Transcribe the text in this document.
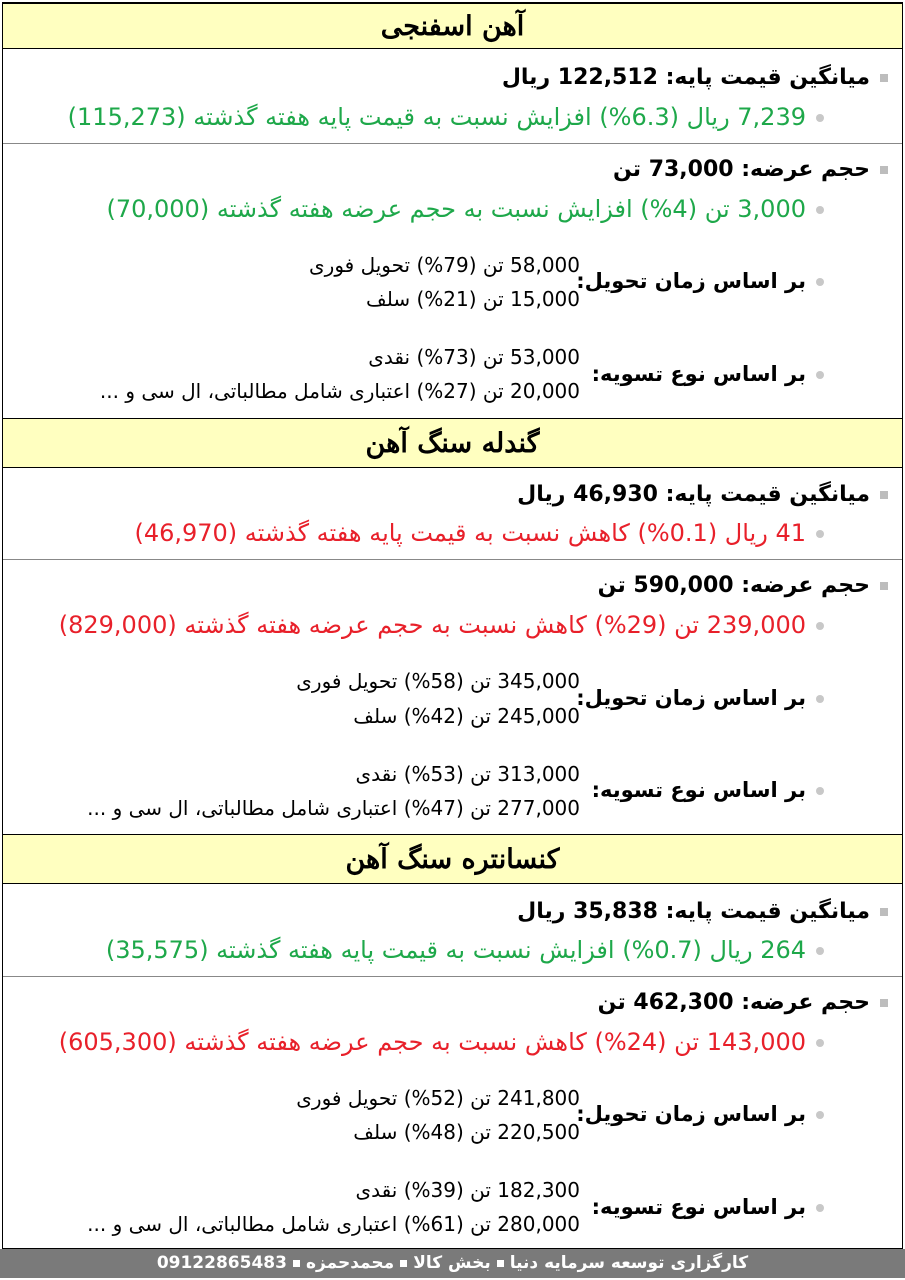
آهن اسفنجی
میانگین قیمت پایه: 122,512 ریال
7,239 ریال (6.3%) افزایش نسبت به قیمت پایه هفته گذشته (115,273)
حجم عرضه: 73,000 تن
3,000 تن (4%) افزایش نسبت به حجم عرضه هفته گذشته (70,000)
بر اساس زمان تحویل:
58,000 تن (79%) تحویل فوری
15,000 تن (21%) سلف
بر اساس نوع تسویه:
53,000 تن (73%) نقدی
20,000 تن (27%) اعتباری شامل مطالباتی، ال سی و ...
گندله سنگ آهن
میانگین قیمت پایه: 46,930 ریال
41 ریال (0.1%) کاهش نسبت به قیمت پایه هفته گذشته (46,970)
حجم عرضه: 590,000 تن
239,000 تن (29%) کاهش نسبت به حجم عرضه هفته گذشته (829,000)
بر اساس زمان تحویل:
345,000 تن (58%) تحویل فوری
245,000 تن (42%) سلف
بر اساس نوع تسویه:
313,000 تن (53%) نقدی
277,000 تن (47%) اعتباری شامل مطالباتی، ال سی و ...
کنسانتره سنگ آهن
میانگین قیمت پایه: 35,838 ریال
264 ریال (0.7%) افزایش نسبت به قیمت پایه هفته گذشته (35,575)
حجم عرضه: 462,300 تن
143,000 تن (24%) کاهش نسبت به حجم عرضه هفته گذشته (605,300)
بر اساس زمان تحویل:
241,800 تن (52%) تحویل فوری
220,500 تن (48%) سلف
بر اساس نوع تسویه:
182,300 تن (39%) نقدی
280,000 تن (61%) اعتباری شامل مطالباتی، ال سی و ...
کارگزاری توسعه سرمایه دنیابخش کالامحمدحمزه09122865483
